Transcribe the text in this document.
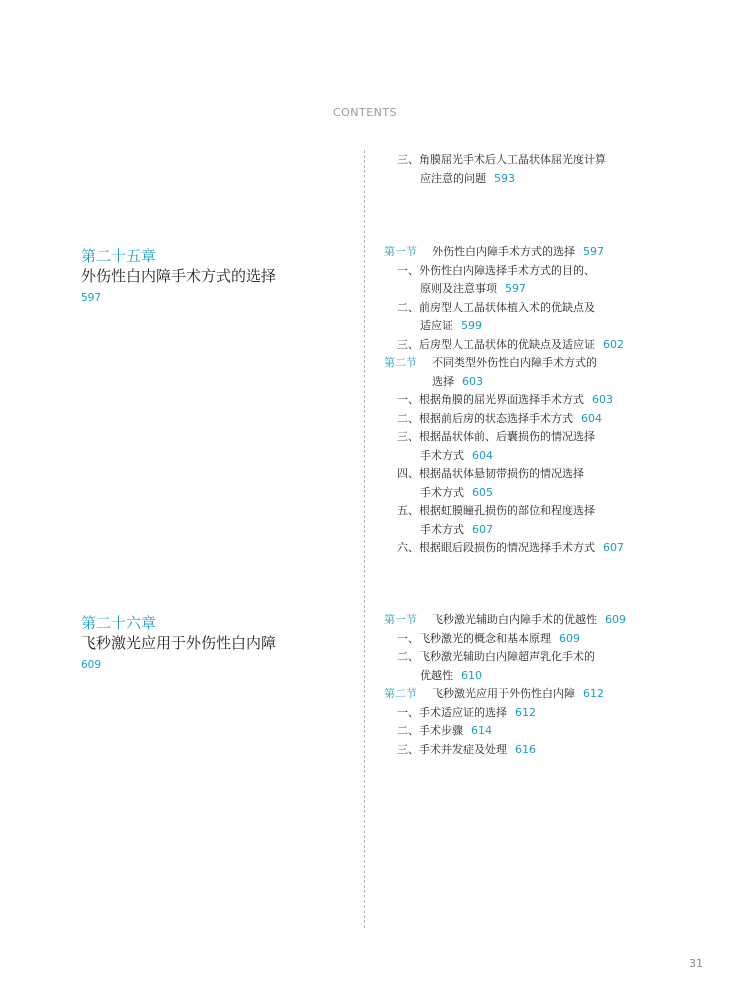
CONTENTS
31
三、角膜屈光手术后人工晶状体屈光度计算
应注意的问题 593
第二十五章
外伤性白内障手术方式的选择
597
第一节 外伤性白内障手术方式的选择 597
一、外伤性白内障选择手术方式的目的、
原则及注意事项 597
二、前房型人工晶状体植入术的优缺点及
适应证 599
三、后房型人工晶状体的优缺点及适应证 602
第二节 不同类型外伤性白内障手术方式的
选择 603
一、根据角膜的屈光界面选择手术方式 603
二、根据前后房的状态选择手术方式 604
三、根据晶状体前、后囊损伤的情况选择
手术方式 604
四、根据晶状体悬韧带损伤的情况选择
手术方式 605
五、根据虹膜瞳孔损伤的部位和程度选择
手术方式 607
六、根据眼后段损伤的情况选择手术方式 607
第二十六章
飞秒激光应用于外伤性白内障
609
第一节 飞秒激光辅助白内障手术的优越性 609
一、飞秒激光的概念和基本原理 609
二、飞秒激光辅助白内障超声乳化手术的
优越性 610
第二节 飞秒激光应用于外伤性白内障 612
一、手术适应证的选择 612
二、手术步骤 614
三、手术并发症及处理 616
